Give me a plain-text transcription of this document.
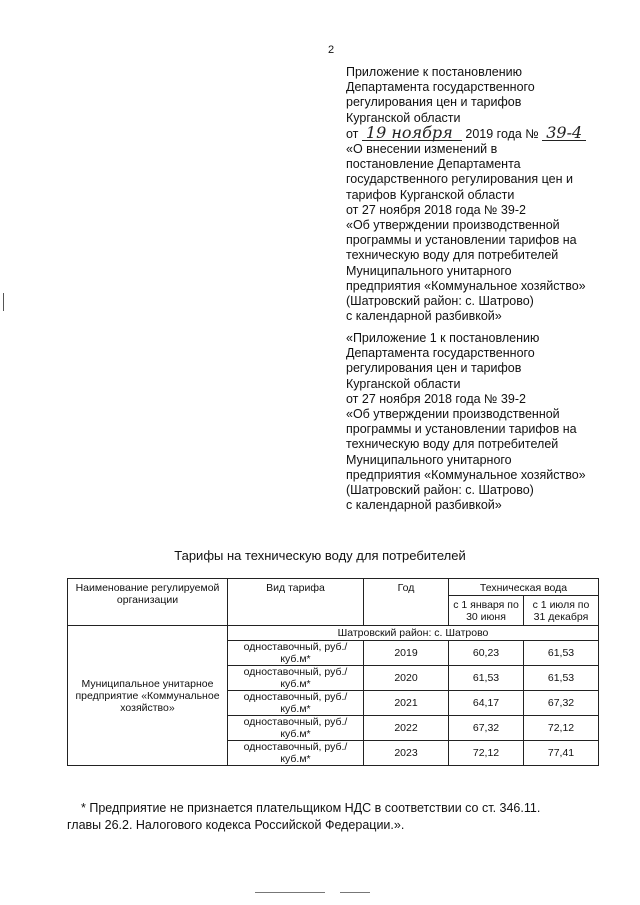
2
Приложение к постановлению
Департамента государственного
регулирования цен и тарифов
Курганской области
от 19 ноября 2019 года № 39-4
«О внесении изменений в
постановление Департамента
государственного регулирования цен и
тарифов Курганской области
от 27 ноября 2018 года № 39-2
«Об утверждении производственной
программы и установлении тарифов на
техническую воду для потребителей
Муниципального унитарного
предприятия «Коммунальное хозяйство»
(Шатровский район: с. Шатрово)
с календарной разбивкой»
«Приложение 1 к постановлению
Департамента государственного
регулирования цен и тарифов
Курганской области
от 27 ноября 2018 года № 39-2
«Об утверждении производственной
программы и установлении тарифов на
техническую воду для потребителей
Муниципального унитарного
предприятия «Коммунальное хозяйство»
(Шатровский район: с. Шатрово)
с календарной разбивкой»
Тарифы на техническую воду для потребителей
Наименование регулируемой организации	Вид тарифа	Год	Техническая вода	
			с 1 января по 30 июня	с 1 июля по 31 декабря
Муниципальное унитарное предприятие «Коммунальное хозяйство»	Шатровский район: с. Шатрово			
	одноставочный, руб./куб.м*	2019	60,23	61,53
	одноставочный, руб./куб.м*	2020	61,53	61,53
	одноставочный, руб./куб.м*	2021	64,17	67,32
	одноставочный, руб./куб.м*	2022	67,32	72,12
	одноставочный, руб./куб.м*	2023	72,12	77,41
* Предприятие не признается плательщиком НДС в соответствии со ст. 346.11.
главы 26.2. Налогового кодекса Российской Федерации.».
